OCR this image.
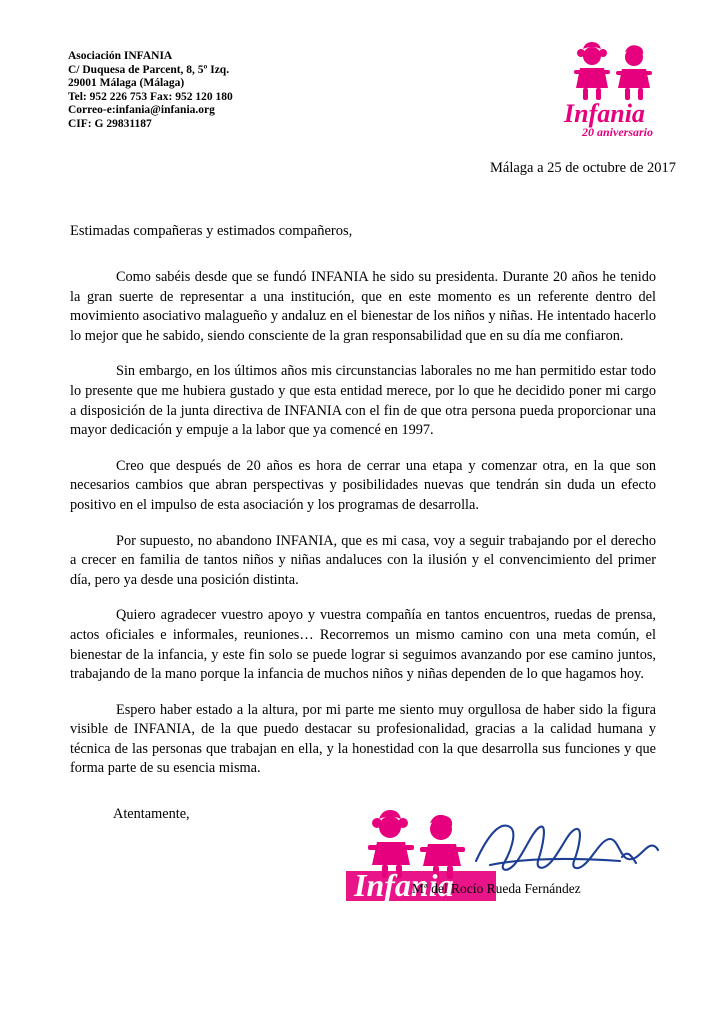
Asociación INFANIA
C/ Duquesa de Parcent, 8, 5º Izq.
29001 Málaga (Málaga)
Tel: 952 226 753 Fax: 952 120 180
Correo-e:infania@infania.org
CIF: G 29831187	Infania
20 aniversario
Málaga a 25 de octubre de 2017
Estimadas compañeras y estimados compañeros,

Como sabéis desde que se fundó INFANIA he sido su presidenta. Durante 20 años he tenido la gran suerte de representar a una institución, que en este momento es un referente dentro del movimiento asociativo malagueño y andaluz en el bienestar de los niños y niñas. He intentado hacerlo lo mejor que he sabido, siendo consciente de la gran responsabilidad que en su día me confiaron.

Sin embargo, en los últimos años mis circunstancias laborales no me han permitido estar todo lo presente que me hubiera gustado y que esta entidad merece, por lo que he decidido poner mi cargo a disposición de la junta directiva de INFANIA con el fin de que otra persona pueda proporcionar una mayor dedicación y empuje a la labor que ya comencé en 1997.

Creo que después de 20 años es hora de cerrar una etapa y comenzar otra, en la que son necesarios cambios que abran perspectivas y posibilidades nuevas que tendrán sin duda un efecto positivo en el impulso de esta asociación y los programas de desarrolla.

Por supuesto, no abandono INFANIA, que es mi casa, voy a seguir trabajando por el derecho a crecer en familia de tantos niños y niñas andaluces con la ilusión y el convencimiento del primer día, pero ya desde una posición distinta.

Quiero agradecer vuestro apoyo y vuestra compañía en tantos encuentros, ruedas de prensa, actos oficiales e informales, reuniones… Recorremos un mismo camino con una meta común, el bienestar de la infancia, y este fin solo se puede lograr si seguimos avanzando por ese camino juntos, trabajando de la mano porque la infancia de muchos niños y niñas dependen de lo que hagamos hoy.

Espero haber estado a la altura, por mi parte me siento muy orgullosa de haber sido la figura visible de INFANIA, de la que puedo destacar su profesionalidad, gracias a la calidad humana y técnica de las personas que trabajan en ella, y la honestidad con la que desarrolla sus funciones y que forma parte de su esencia misma.

Atentamente,
Infania
Mª del Rocío Rueda Fernández
